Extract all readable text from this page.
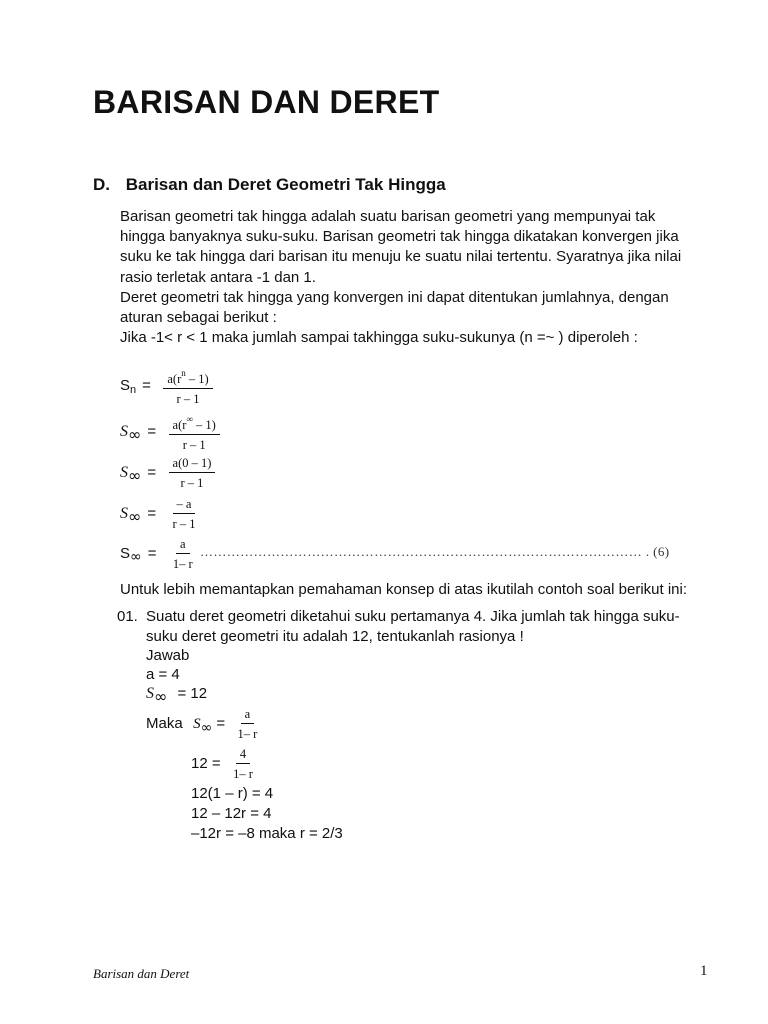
BARISAN DAN DERET
D. Barisan dan Deret Geometri Tak Hingga
Barisan geometri tak hingga adalah suatu barisan geometri yang mempunyai tak
hingga banyaknya suku-suku. Barisan geometri tak hingga dikatakan konvergen jika
suku ke tak hingga dari barisan itu menuju ke suatu nilai tertentu. Syaratnya jika nilai
rasio terletak antara -1 dan 1.
Deret geometri tak hingga yang konvergen ini dapat ditentukan jumlahnya, dengan
aturan sebagai berikut :
Jika -1< r < 1 maka jumlah sampai takhingga suku-sukunya (n =~ ) diperoleh :
$S_n = \frac{a(r^n - 1)}{r - 1}$
$S\infty = \frac{a(r^\infty - 1)}{r - 1}$
$S\infty = \frac{a(0 - 1)}{r - 1}$
$S\infty = \frac{- a}{r - 1}$
$S\infty = \frac{a}{1- r}$ ……………………………………………………………………………………… . (6)
Untuk lebih memantapkan pemahaman konsep di atas ikutilah contoh soal berikut ini:
01. Suatu deret geometri diketahui suku pertamanya 4. Jika jumlah tak hingga suku-
suku deret geometri itu adalah 12, tentukanlah rasionya !
Jawab
a = 4
S∞ = 12
Maka $S\infty = \frac{a}{1- r}$
$12 = \frac{4}{1- r}$
12(1 – r) = 4
12 – 12r = 4
–12r = –8 maka r = 2/3
Barisan dan Deret	1
